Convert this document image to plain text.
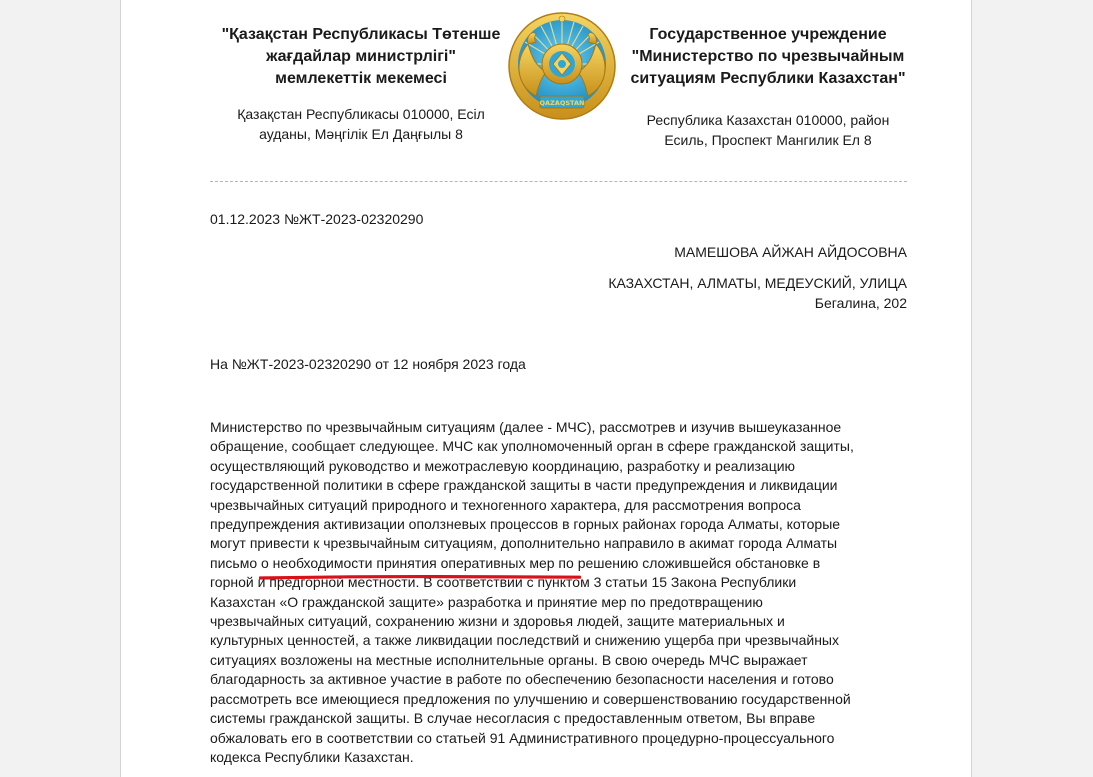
"Қазақстан Республикасы Төтенше
жағдайлар министрлігі"
мемлекеттік мекемесі

Қазақстан Республикасы 010000, Есіл
ауданы, Мәңгілік Ел Даңғылы 8

QAZAQSTAN

Государственное учреждение
"Министерство по чрезвычайным
ситуациям Республики Казахстан"

Республика Казахстан 010000, район
Есиль, Проспект Мангилик Ел 8

01.12.2023 №ЖТ-2023-02320290

МАМЕШОВА АЙЖАН АЙДОСОВНА

КАЗАХСТАН, АЛМАТЫ, МЕДЕУСКИЙ, УЛИЦА
Бегалина, 202

На №ЖТ-2023-02320290 от 12 ноября 2023 года

Министерство по чрезвычайным ситуациям (далее - МЧС), рассмотрев и изучив вышеуказанное
обращение, сообщает следующее. МЧС как уполномоченный орган в сфере гражданской защиты,
осуществляющий руководство и межотраслевую координацию, разработку и реализацию
государственной политики в сфере гражданской защиты в части предупреждения и ликвидации
чрезвычайных ситуаций природного и техногенного характера, для рассмотрения вопроса
предупреждения активизации оползневых процессов в горных районах города Алматы, которые
могут привести к чрезвычайным ситуациям, дополнительно направило в акимат города Алматы
письмо о необходимости принятия оперативных мер по решению сложившейся обстановке в
горной и предгорной местности. В соответствии с пунктом 3 статьи 15 Закона Республики
Казахстан «О гражданской защите» разработка и принятие мер по предотвращению
чрезвычайных ситуаций, сохранению жизни и здоровья людей, защите материальных и
культурных ценностей, а также ликвидации последствий и снижению ущерба при чрезвычайных
ситуациях возложены на местные исполнительные органы. В свою очередь МЧС выражает
благодарность за активное участие в работе по обеспечению безопасности населения и готово
рассмотреть все имеющиеся предложения по улучшению и совершенствованию государственной
системы гражданской защиты. В случае несогласия с предоставленным ответом, Вы вправе
обжаловать его в соответствии со статьей 91 Административного процедурно-процессуального
кодекса Республики Казахстан.
